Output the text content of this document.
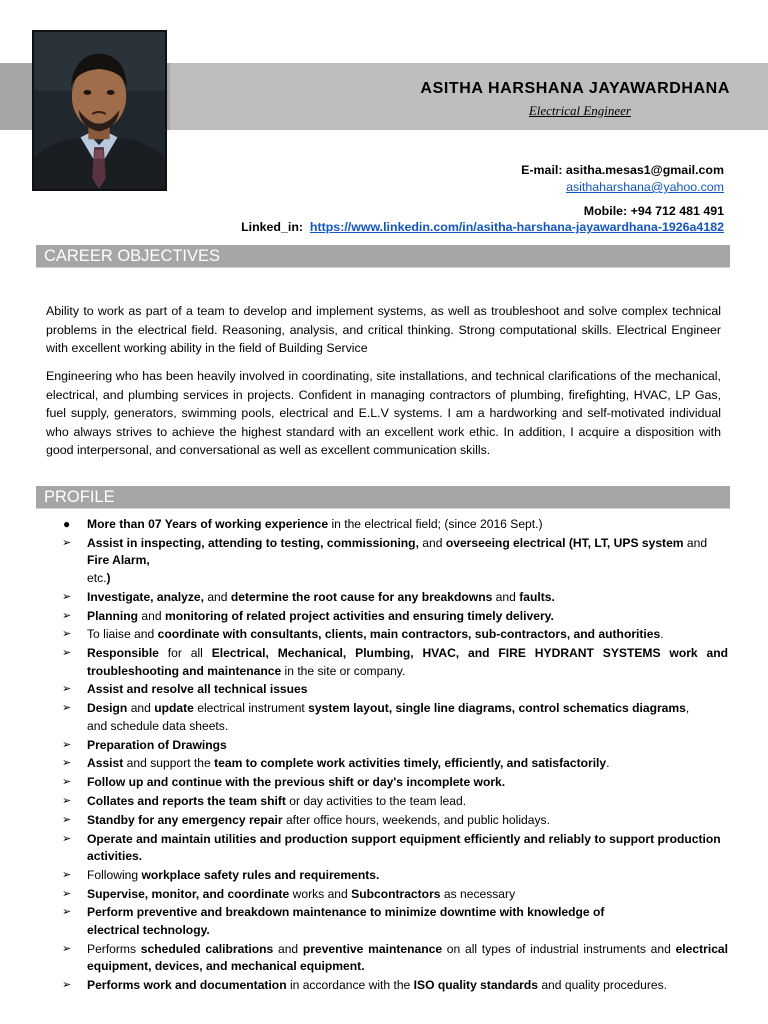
ASITHA HARSHANA JAYAWARDHANA
Electrical Engineer
E-mail: asitha.mesas1@gmail.com
asithaharshana@yahoo.com
Mobile: +94 712 481 491
Linked_in: https://www.linkedin.com/in/asitha-harshana-jayawardhana-1926a4182
CAREER OBJECTIVES

Ability to work as part of a team to develop and implement systems, as well as troubleshoot and solve complex technical problems in the electrical field. Reasoning, analysis, and critical thinking. Strong computational skills. Electrical Engineer with excellent working ability in the field of Building Service

Engineering who has been heavily involved in coordinating, site installations, and technical clarifications of the mechanical, electrical, and plumbing services in projects. Confident in managing contractors of plumbing, firefighting, HVAC, LP Gas, fuel supply, generators, swimming pools, electrical and E.L.V systems. I am a hardworking and self-motivated individual who always strives to achieve the highest standard with an excellent work ethic. In addition, I acquire a disposition with good interpersonal, and conversational as well as excellent communication skills.

PROFILE
●	More than 07 Years of working experience in the electrical field; (since 2016 Sept.)
➢	Assist in inspecting, attending to testing, commissioning, and overseeing electrical (HT, LT, UPS system and Fire Alarm,
etc.)
➢	Investigate, analyze, and determine the root cause for any breakdowns and faults.
➢	Planning and monitoring of related project activities and ensuring timely delivery.
➢	To liaise and coordinate with consultants, clients, main contractors, sub-contractors, and authorities.
➢	Responsible for all Electrical, Mechanical, Plumbing, HVAC, and FIRE HYDRANT SYSTEMS work and troubleshooting and maintenance in the site or company.
➢	Assist and resolve all technical issues
➢	Design and update electrical instrument system layout, single line diagrams, control schematics diagrams,
and schedule data sheets.
➢	Preparation of Drawings
➢	Assist and support the team to complete work activities timely, efficiently, and satisfactorily.
➢	Follow up and continue with the previous shift or day's incomplete work.
➢	Collates and reports the team shift or day activities to the team lead.
➢	Standby for any emergency repair after office hours, weekends, and public holidays.
➢	Operate and maintain utilities and production support equipment efficiently and reliably to support production activities.
➢	Following workplace safety rules and requirements.
➢	Supervise, monitor, and coordinate works and Subcontractors as necessary
➢	Perform preventive and breakdown maintenance to minimize downtime with knowledge of
electrical technology.
➢	Performs scheduled calibrations and preventive maintenance on all types of industrial instruments and electrical equipment, devices, and mechanical equipment.
➢	Performs work and documentation in accordance with the ISO quality standards and quality procedures.
